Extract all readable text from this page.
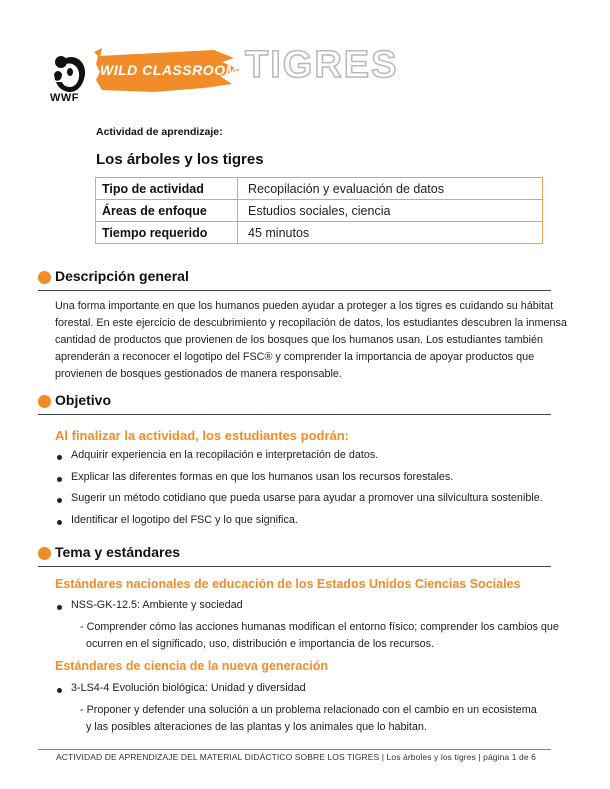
WWF
WILD CLASSROOM TIGRES
Actividad de aprendizaje:
Los árboles y los tigres
Tipo de actividad	Recopilación y evaluación de datos
Áreas de enfoque	Estudios sociales, ciencia
Tiempo requerido	45 minutos
Descripción general
Una forma importante en que los humanos pueden ayudar a proteger a los tigres es cuidando su hábitat
forestal. En este ejercicio de descubrimiento y recopilación de datos, los estudiantes descubren la inmensa
cantidad de productos que provienen de los bosques que los humanos usan. Los estudiantes también
aprenderán a reconocer el logotipo del FSC® y comprender la importancia de apoyar productos que
provienen de bosques gestionados de manera responsable.
Objetivo
Al finalizar la actividad, los estudiantes podrán:
Adquirir experiencia en la recopilación e interpretación de datos.
Explicar las diferentes formas en que los humanos usan los recursos forestales.
Sugerir un método cotidiano que pueda usarse para ayudar a promover una silvicultura sostenible.
Identificar el logotipo del FSC y lo que significa.
Tema y estándares
Estándares nacionales de educación de los Estados Unidos Ciencias Sociales
NSS-GK-12.5: Ambiente y sociedad
- Comprender cómo las acciones humanas modifican el entorno físico; comprender los cambios que
ocurren en el significado, uso, distribución e importancia de los recursos.
Estándares de ciencia de la nueva generación
3-LS4-4 Evolución biológica: Unidad y diversidad
- Proponer y defender una solución a un problema relacionado con el cambio en un ecosistema
y las posibles alteraciones de las plantas y los animales que lo habitan.
ACTIVIDAD DE APRENDIZAJE DEL MATERIAL DIDÁCTICO SOBRE LOS TIGRES | Los árboles y los tigres | página 1 de 6
